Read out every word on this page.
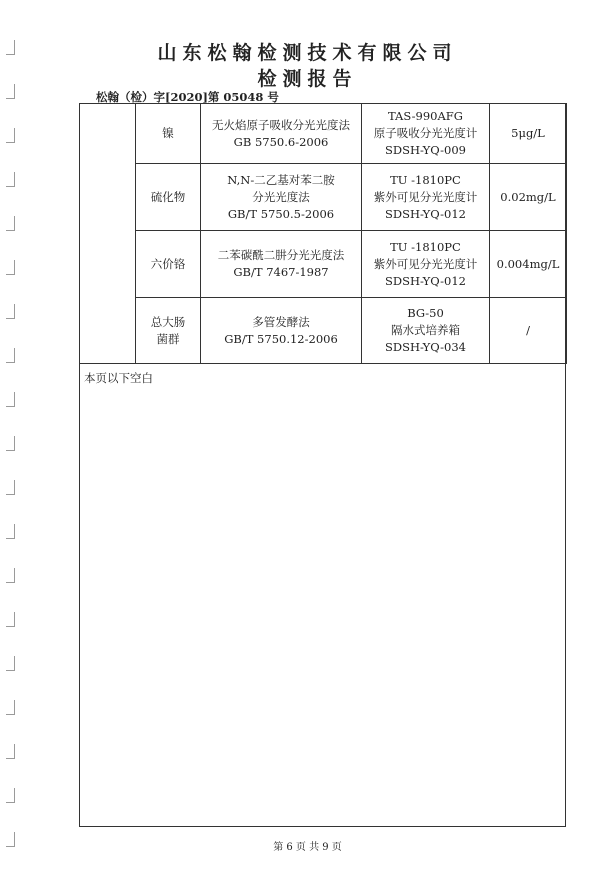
山东松翰检测技术有限公司
检测报告
松翰（检）字[2020]第 05048 号
	镍	无火焰原子吸收分光光度法
GB 5750.6-2006	TAS-990AFG
原子吸收分光光度计
SDSH-YQ-009	5μg/L
	硫化物	N,N-二乙基对苯二胺
分光光度法
GB/T 5750.5-2006	TU -1810PC
紫外可见分光光度计
SDSH-YQ-012	0.02mg/L
	六价铬	二苯碳酰二肼分光光度法
GB/T 7467-1987	TU -1810PC
紫外可见分光光度计
SDSH-YQ-012	0.004mg/L

	总大肠
菌群	多管发酵法
GB/T 5750.12-2006	BG-50
隔水式培养箱
SDSH-YQ-034	/
本页以下空白
第 6 页 共 9 页
